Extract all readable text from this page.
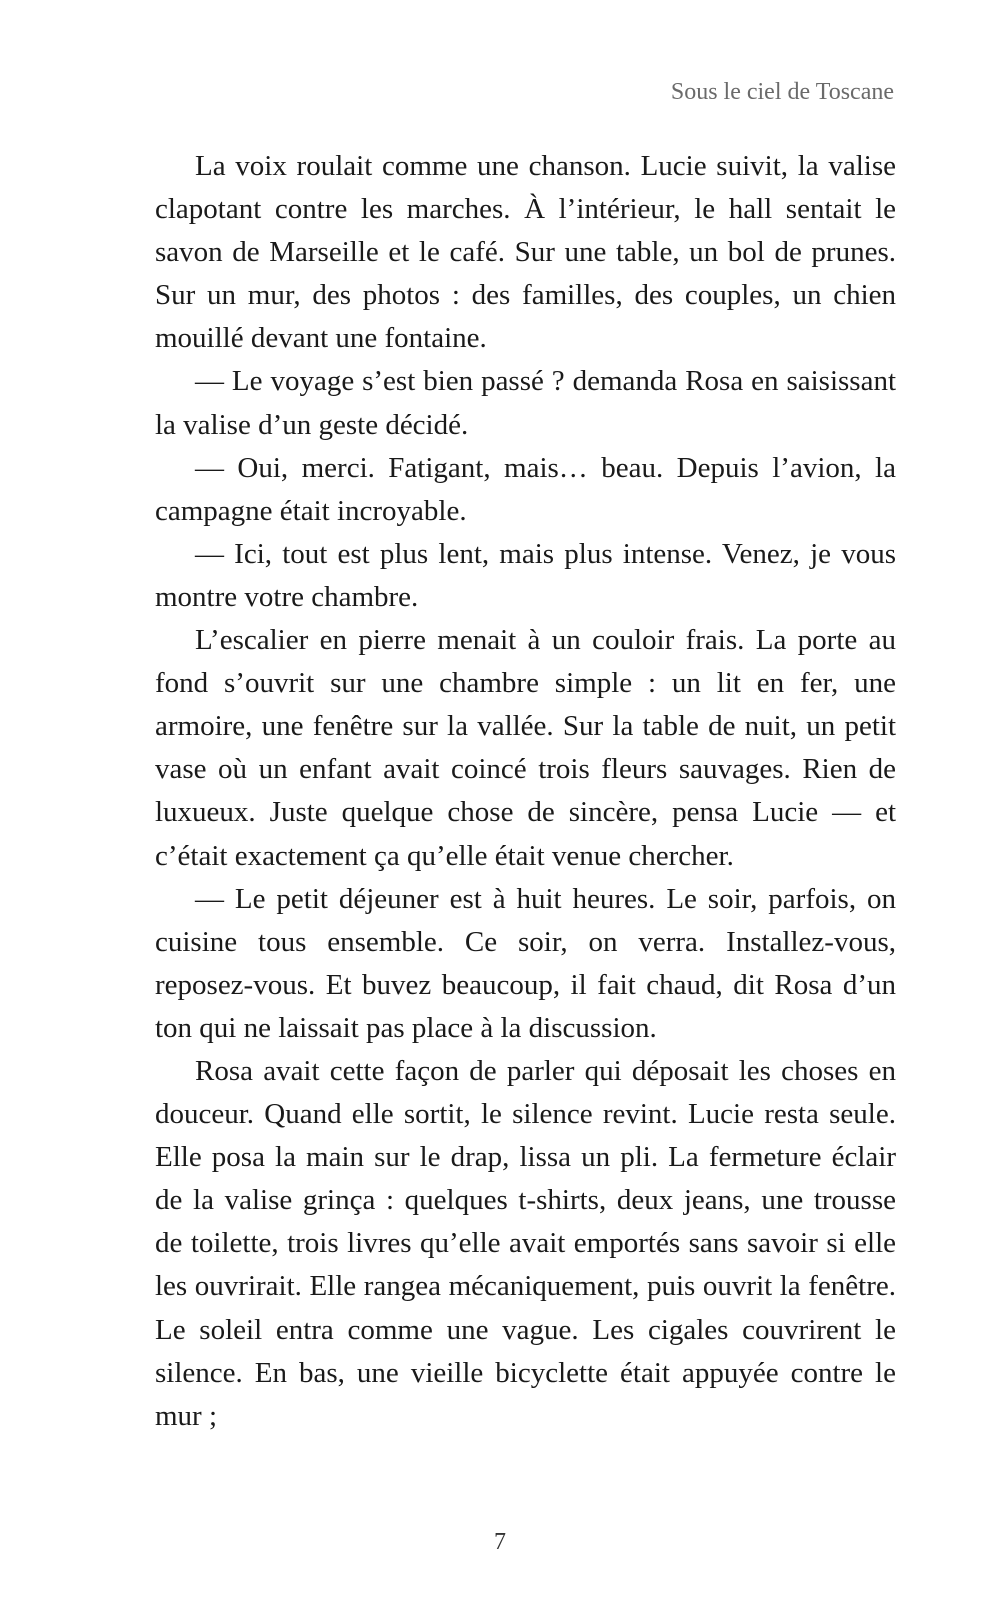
Sous le ciel de Toscane

La voix roulait comme une chanson. Lucie suivit, la valise clapotant contre les marches. À l’intérieur, le hall sentait le savon de Marseille et le café. Sur une table, un bol de prunes. Sur un mur, des photos : des familles, des couples, un chien mouillé devant une fontaine.

— Le voyage s’est bien passé ? demanda Rosa en saisissant la valise d’un geste décidé.

— Oui, merci. Fatigant, mais… beau. Depuis l’avion, la campagne était incroyable.

— Ici, tout est plus lent, mais plus intense. Venez, je vous montre votre chambre.

L’escalier en pierre menait à un couloir frais. La porte au fond s’ouvrit sur une chambre simple : un lit en fer, une armoire, une fenêtre sur la vallée. Sur la table de nuit, un petit vase où un enfant avait coincé trois fleurs sauvages. Rien de luxueux. Juste quelque chose de sincère, pensa Lucie — et c’était exactement ça qu’elle était venue chercher.

— Le petit déjeuner est à huit heures. Le soir, parfois, on cuisine tous ensemble. Ce soir, on verra. Installez-vous, reposez-vous. Et buvez beaucoup, il fait chaud, dit Rosa d’un ton qui ne laissait pas place à la discussion.

Rosa avait cette façon de parler qui déposait les choses en douceur. Quand elle sortit, le silence revint. Lucie resta seule. Elle posa la main sur le drap, lissa un pli. La fermeture éclair de la valise grinça : quelques t-shirts, deux jeans, une trousse de toilette, trois livres qu’elle avait emportés sans savoir si elle les ouvrirait. Elle rangea mécaniquement, puis ouvrit la fenêtre. Le soleil entra comme une vague. Les cigales couvrirent le silence. En bas, une vieille bicyclette était appuyée contre le mur ;

7
